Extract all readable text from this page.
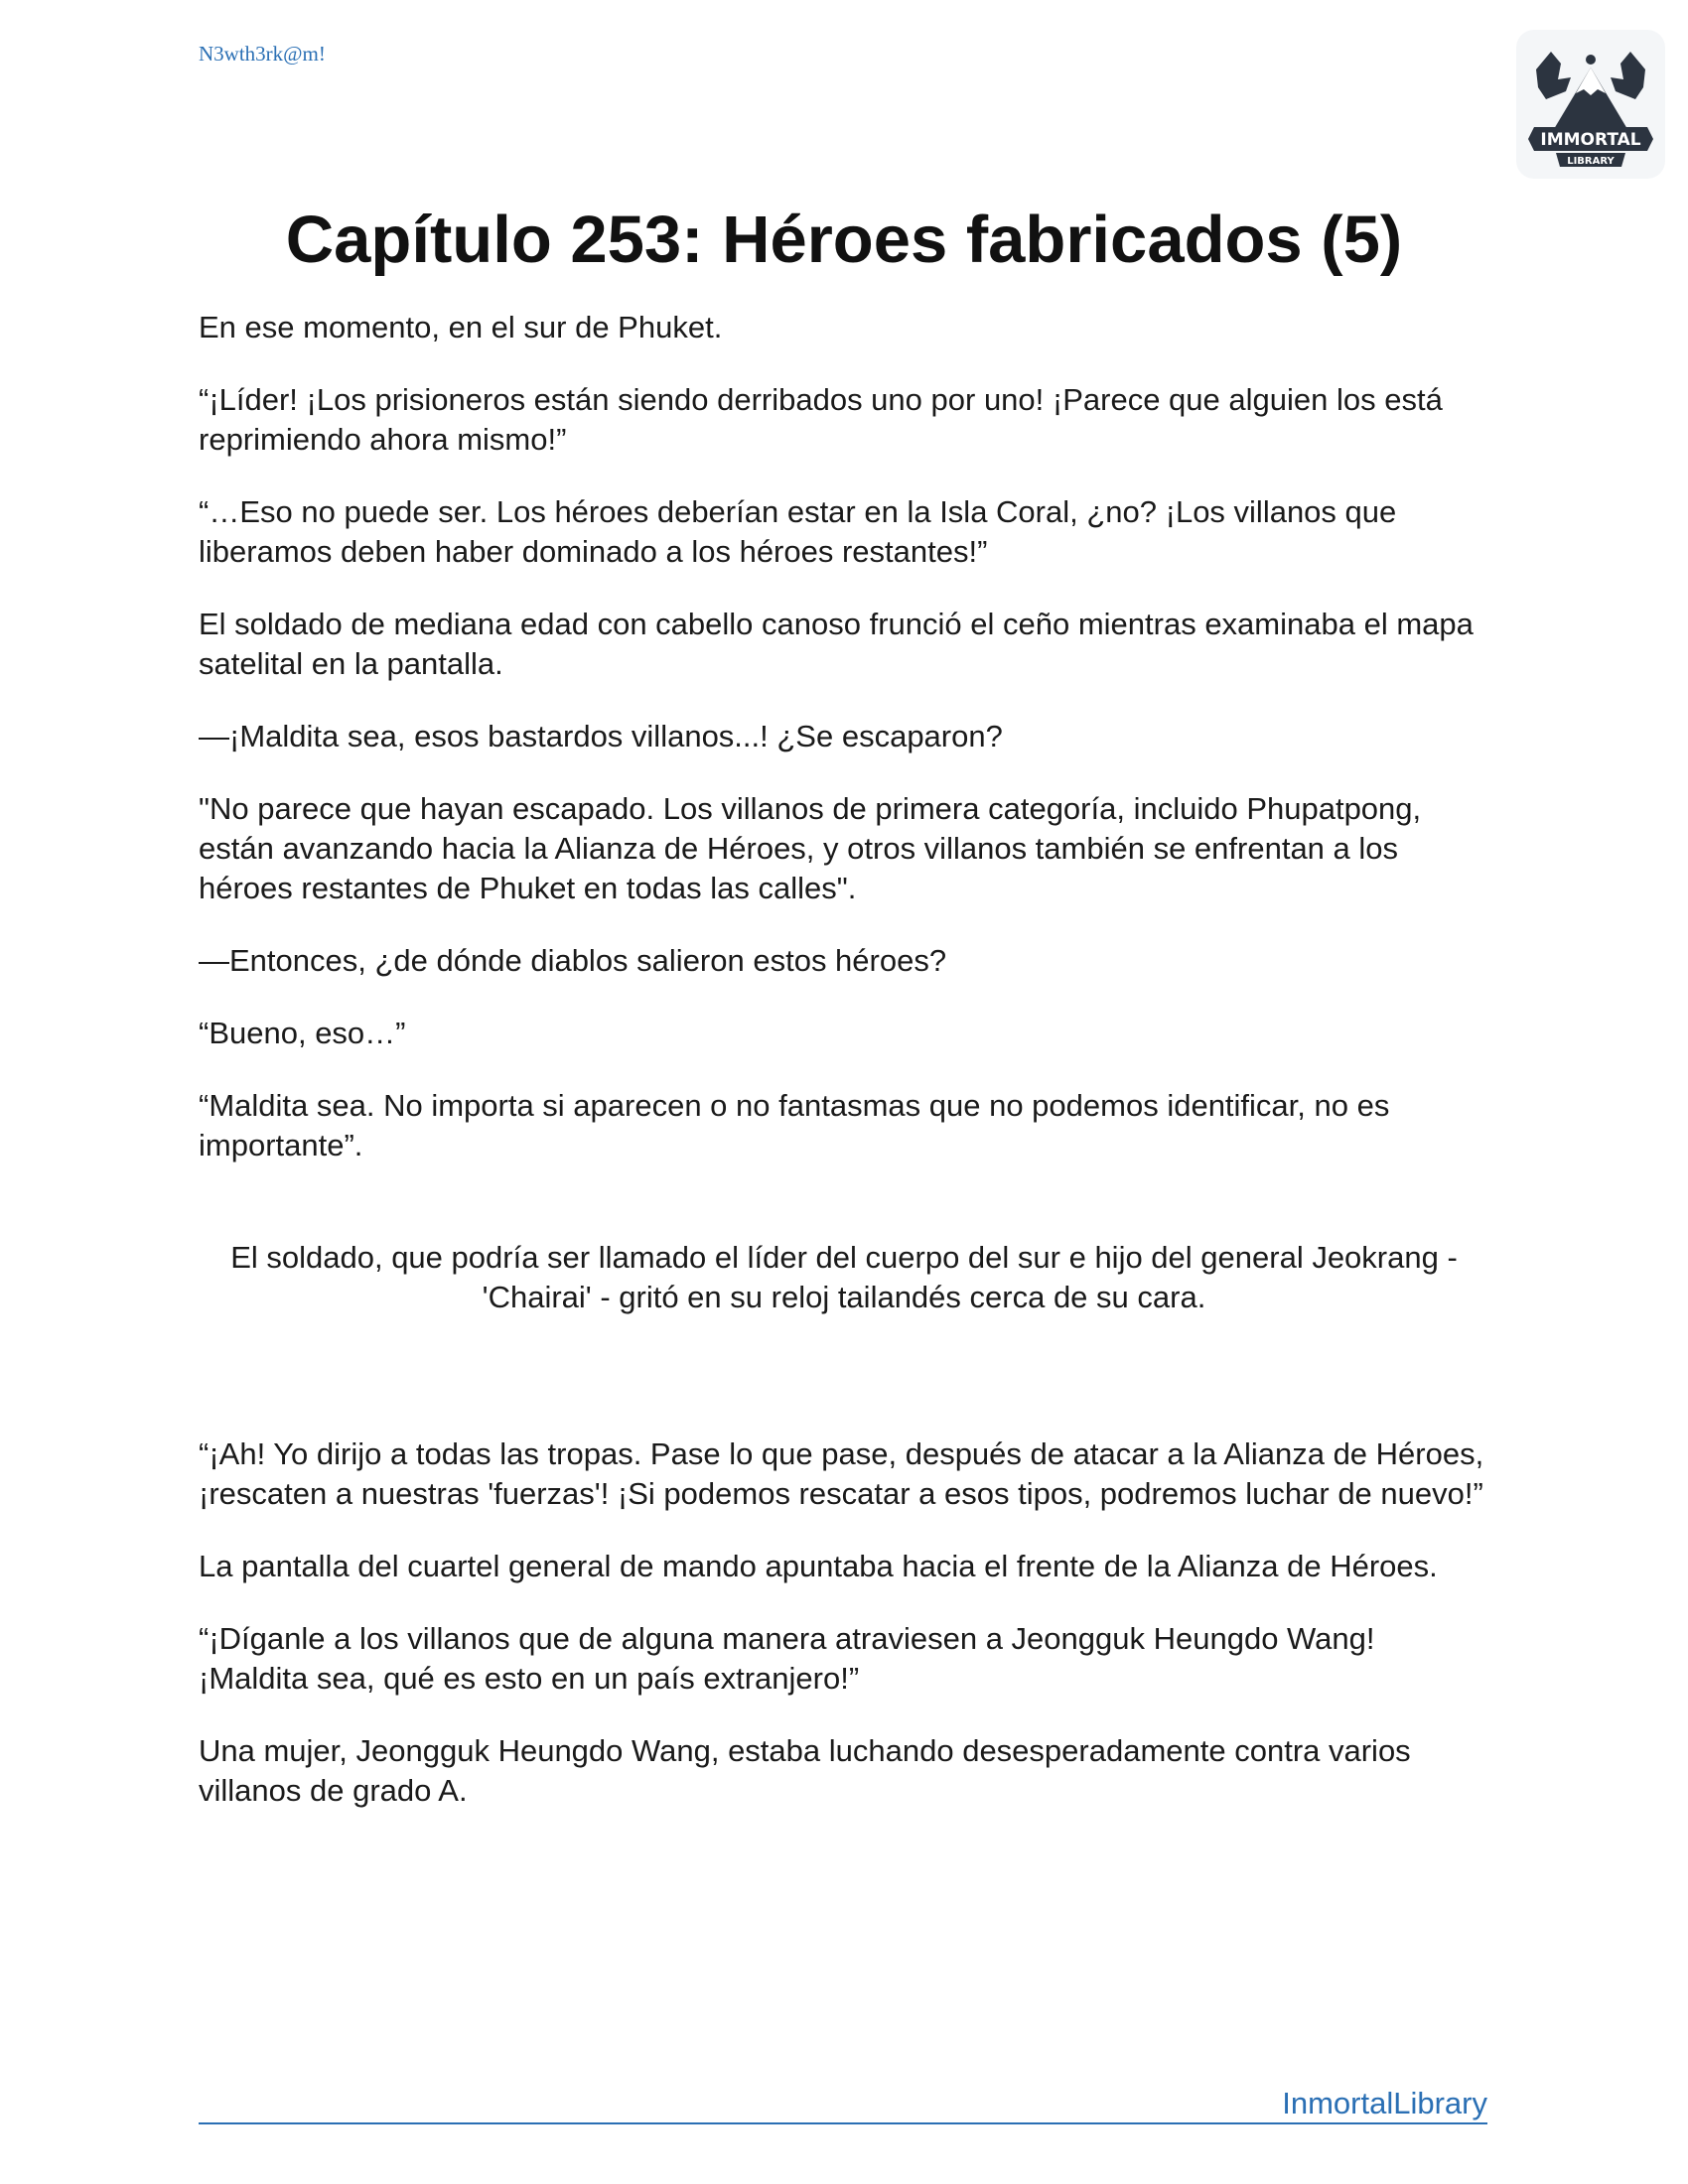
N3wth3rk@m!
IMMORTAL
LIBRARY
Capítulo 253: Héroes fabricados (5)

En ese momento, en el sur de Phuket.

“¡Líder! ¡Los prisioneros están siendo derribados uno por uno! ¡Parece que alguien los está reprimiendo ahora mismo!”

“…Eso no puede ser. Los héroes deberían estar en la Isla Coral, ¿no? ¡Los villanos que liberamos deben haber dominado a los héroes restantes!”

El soldado de mediana edad con cabello canoso frunció el ceño mientras examinaba el mapa satelital en la pantalla.

—¡Maldita sea, esos bastardos villanos...! ¿Se escaparon?

"No parece que hayan escapado. Los villanos de primera categoría, incluido Phupatpong, están avanzando hacia la Alianza de Héroes, y otros villanos también se enfrentan a los héroes restantes de Phuket en todas las calles".

—Entonces, ¿de dónde diablos salieron estos héroes?

“Bueno, eso…”

“Maldita sea. No importa si aparecen o no fantasmas que no podemos identificar, no es importante”.

El soldado, que podría ser llamado el líder del cuerpo del sur e hijo del general Jeokrang - 'Chairai' - gritó en su reloj tailandés cerca de su cara.

“¡Ah! Yo dirijo a todas las tropas. Pase lo que pase, después de atacar a la Alianza de Héroes, ¡rescaten a nuestras 'fuerzas'! ¡Si podemos rescatar a esos tipos, podremos luchar de nuevo!”

La pantalla del cuartel general de mando apuntaba hacia el frente de la Alianza de Héroes.

“¡Díganle a los villanos que de alguna manera atraviesen a Jeongguk Heungdo Wang! ¡Maldita sea, qué es esto en un país extranjero!”

Una mujer, Jeongguk Heungdo Wang, estaba luchando desesperadamente contra varios villanos de grado A.

InmortalLibrary
